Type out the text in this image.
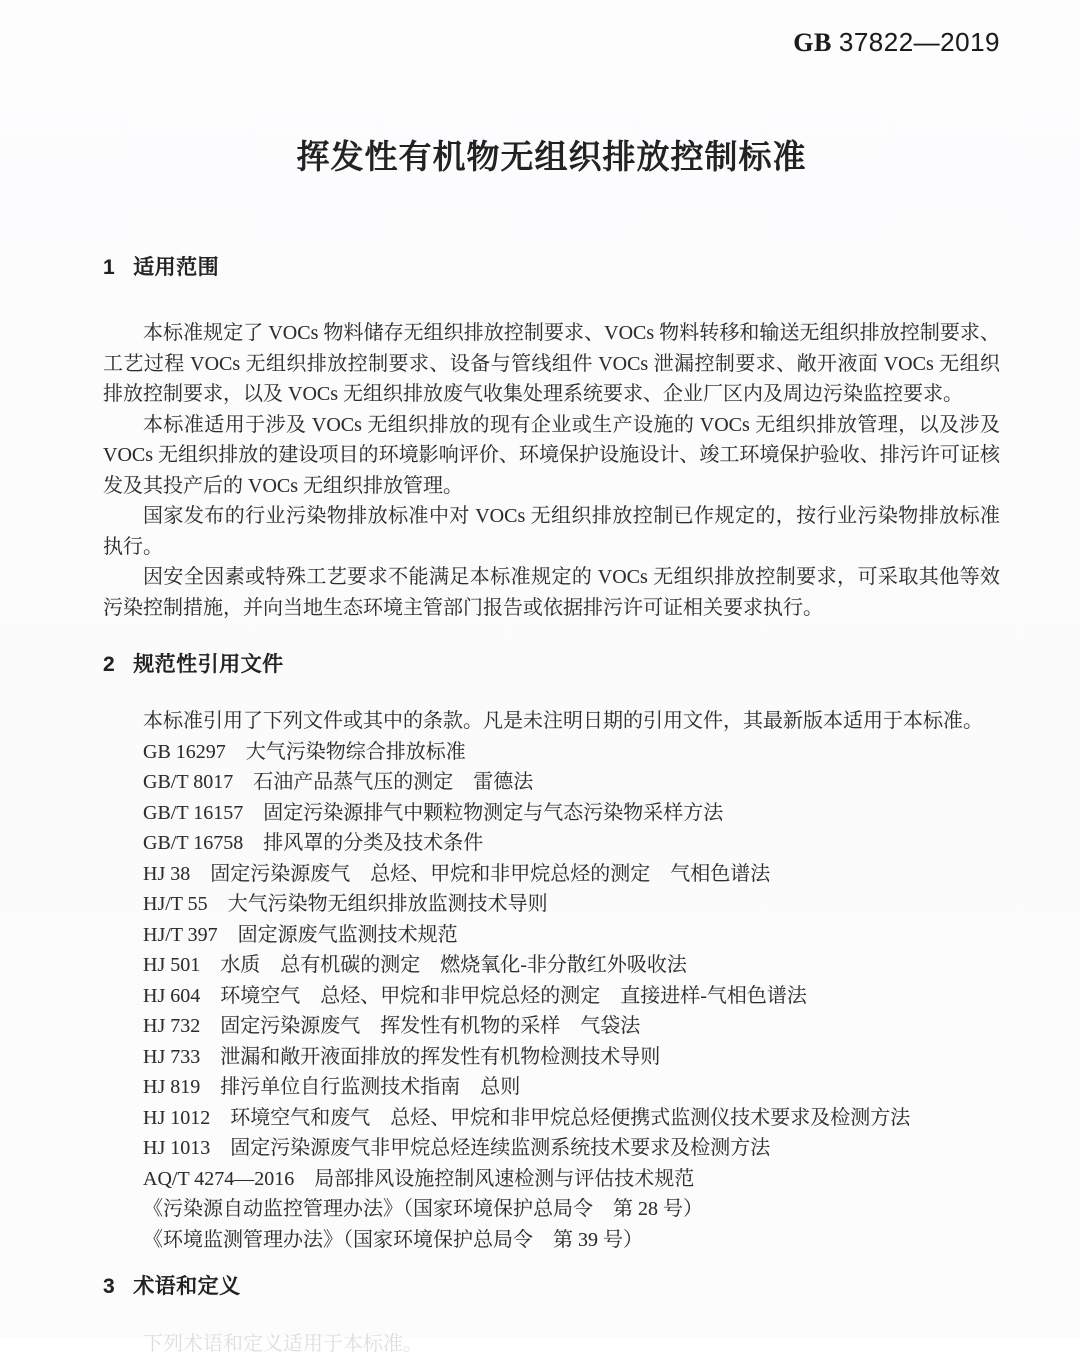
GB 37822—2019
挥发性有机物无组织排放控制标准
1 适用范围

本标准规定了 VOCs 物料储存无组织排放控制要求、VOCs 物料转移和输送无组织排放控制要求、工艺过程 VOCs 无组织排放控制要求、设备与管线组件 VOCs 泄漏控制要求、敞开液面 VOCs 无组织排放控制要求，以及 VOCs 无组织排放废气收集处理系统要求、企业厂区内及周边污染监控要求。

本标准适用于涉及 VOCs 无组织排放的现有企业或生产设施的 VOCs 无组织排放管理，以及涉及 VOCs 无组织排放的建设项目的环境影响评价、环境保护设施设计、竣工环境保护验收、排污许可证核发及其投产后的 VOCs 无组织排放管理。

国家发布的行业污染物排放标准中对 VOCs 无组织排放控制已作规定的，按行业污染物排放标准执行。

因安全因素或特殊工艺要求不能满足本标准规定的 VOCs 无组织排放控制要求，可采取其他等效污染控制措施，并向当地生态环境主管部门报告或依据排污许可证相关要求执行。

2 规范性引用文件

本标准引用了下列文件或其中的条款。凡是未注明日期的引用文件，其最新版本适用于本标准。

GB 16297　大气污染物综合排放标准
GB/T 8017　石油产品蒸气压的测定　雷德法
GB/T 16157　固定污染源排气中颗粒物测定与气态污染物采样方法
GB/T 16758　排风罩的分类及技术条件
HJ 38　固定污染源废气　总烃、甲烷和非甲烷总烃的测定　气相色谱法
HJ/T 55　大气污染物无组织排放监测技术导则
HJ/T 397　固定源废气监测技术规范
HJ 501　水质　总有机碳的测定　燃烧氧化-非分散红外吸收法
HJ 604　环境空气　总烃、甲烷和非甲烷总烃的测定　直接进样-气相色谱法
HJ 732　固定污染源废气　挥发性有机物的采样　气袋法
HJ 733　泄漏和敞开液面排放的挥发性有机物检测技术导则
HJ 819　排污单位自行监测技术指南　总则
HJ 1012　环境空气和废气　总烃、甲烷和非甲烷总烃便携式监测仪技术要求及检测方法
HJ 1013　固定污染源废气非甲烷总烃连续监测系统技术要求及检测方法
AQ/T 4274—2016　局部排风设施控制风速检测与评估技术规范
《污染源自动监控管理办法》（国家环境保护总局令　第 28 号）
《环境监测管理办法》（国家环境保护总局令　第 39 号）
3 术语和定义

下列术语和定义适用于本标准。
